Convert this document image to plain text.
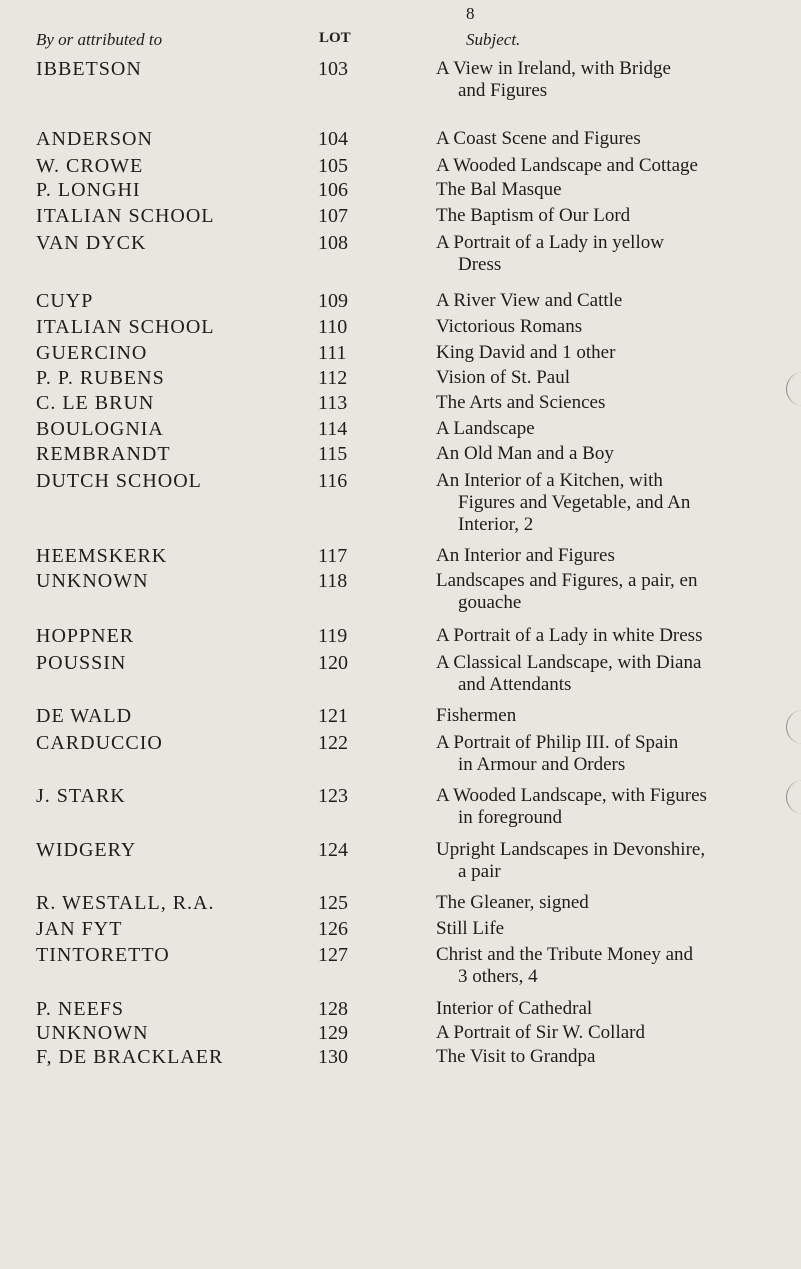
8
By or attributed to	LOT	Subject.
IBBETSON	103	A View in Ireland, with Bridge
and Figures
ANDERSON	104	A Coast Scene and Figures
W. CROWE	105	A Wooded Landscape and Cottage
P. LONGHI	106	The Bal Masque
ITALIAN SCHOOL	107	The Baptism of Our Lord
VAN DYCK	108	A Portrait of a Lady in yellow
Dress
CUYP	109	A River View and Cattle
ITALIAN SCHOOL	110	Victorious Romans
GUERCINO	111	King David and 1 other
P. P. RUBENS	112	Vision of St. Paul
C. LE BRUN	113	The Arts and Sciences
BOULOGNIA	114	A Landscape
REMBRANDT	115	An Old Man and a Boy
DUTCH SCHOOL	116	An Interior of a Kitchen, with
Figures and Vegetable, and An
Interior, 2
HEEMSKERK	117	An Interior and Figures
UNKNOWN	118	Landscapes and Figures, a pair, en
gouache
HOPPNER	119	A Portrait of a Lady in white Dress
POUSSIN	120	A Classical Landscape, with Diana
and Attendants
DE WALD	121	Fishermen
CARDUCCIO	122	A Portrait of Philip III. of Spain
in Armour and Orders
J. STARK	123	A Wooded Landscape, with Figures
in foreground
WIDGERY	124	Upright Landscapes in Devonshire,
a pair
R. WESTALL, R.A.	125	The Gleaner, signed
JAN FYT	126	Still Life
TINTORETTO	127	Christ and the Tribute Money and
3 others, 4
P. NEEFS	128	Interior of Cathedral
UNKNOWN	129	A Portrait of Sir W. Collard
F, DE BRACKLAER	130	The Visit to Grandpa
